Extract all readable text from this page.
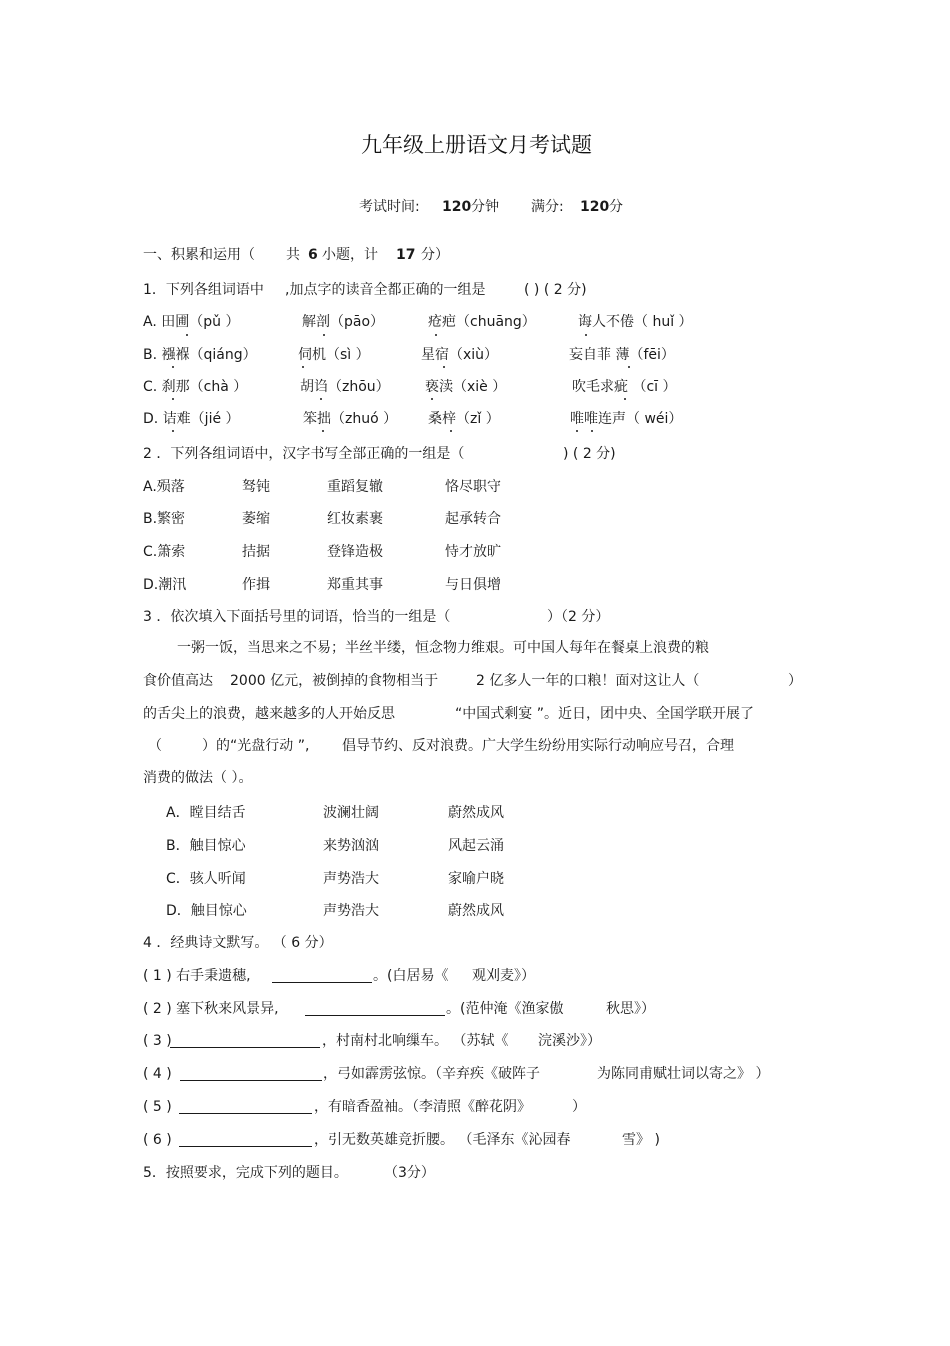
九年级上册语文月考试题
考试时间: 120 分钟 满分: 120 分
一、积累和运用（ 共 6 小题，计 17 分）
1．下列各组词语中 ,加点字的读音全都正确的一组是	( ) ( 2 分)
A. 田圃（pǔ ）	解剖（pāo）	疮疤（chuāng）	诲人不倦（ huǐ ）
B. 襁褓（qiáng）	伺机（sì ）	星宿（xiù）	妄自菲 薄（fēi）
C. 刹那（chà ）	胡诌（zhōu）	亵渎（xiè ）	吹毛求疵 （cī ）
D. 诘难（jié ）	笨拙（zhuó ） 桑梓（zǐ ）	唯唯连声（ wéi）
2 ．下列各组词语中，汉字书写全部正确的一组是（	) ( 2 分)
A.殒落	驽钝	重蹈复辙	恪尽职守
B.繁密	萎缩	红妆素裹	起承转合
C.箫索	拮据	登锋造极	恃才放旷
D.潮汛	作揖	郑重其事	与日俱增
3 ．依次填入下面括号里的词语，恰当的一组是（	）（2 分）
一粥一饭，当思来之不易；半丝半缕，恒念物力维艰。可中国人每年在餐桌上浪费的粮
食价值高达 2000 亿元，被倒掉的食物相当于	2 亿多人一年的口粮！面对这让人（	）
的舌尖上的浪费，越来越多的人开始反思	“中国式剩宴 ”。近日，团中央、全国学联开展了
（	）的“光盘行动 ”, 倡导节约、反对浪费。广大学生纷纷用实际行动响应号召，合理
消费的做法（ ）。
A．瞠目结舌	波澜壮阔	蔚然成风
B．触目惊心	来势汹汹	风起云涌
C．骇人听闻	声势浩大	家喻户晓
D．触目惊心	声势浩大	蔚然成风
4 ．经典诗文默写。 （ 6 分）
( 1 ) 右手秉遗穗,	。(白居易《 观刈麦》）
( 2 ) 塞下秋来风景异,	。(范仲淹《渔家傲	秋思》）
( 3 )	，村南村北响缫车。 （苏轼《 浣溪沙》）
( 4 )	，弓如霹雳弦惊。（辛弃疾《破阵子	为陈同甫赋壮词以寄之》 ）
( 5 )	，有暗香盈袖。（李清照《醉花阴》	）
( 6 )	，引无数英雄竞折腰。 （毛泽东《沁园春	雪》 )
5．按照要求，完成下列的题目。	（3分）
